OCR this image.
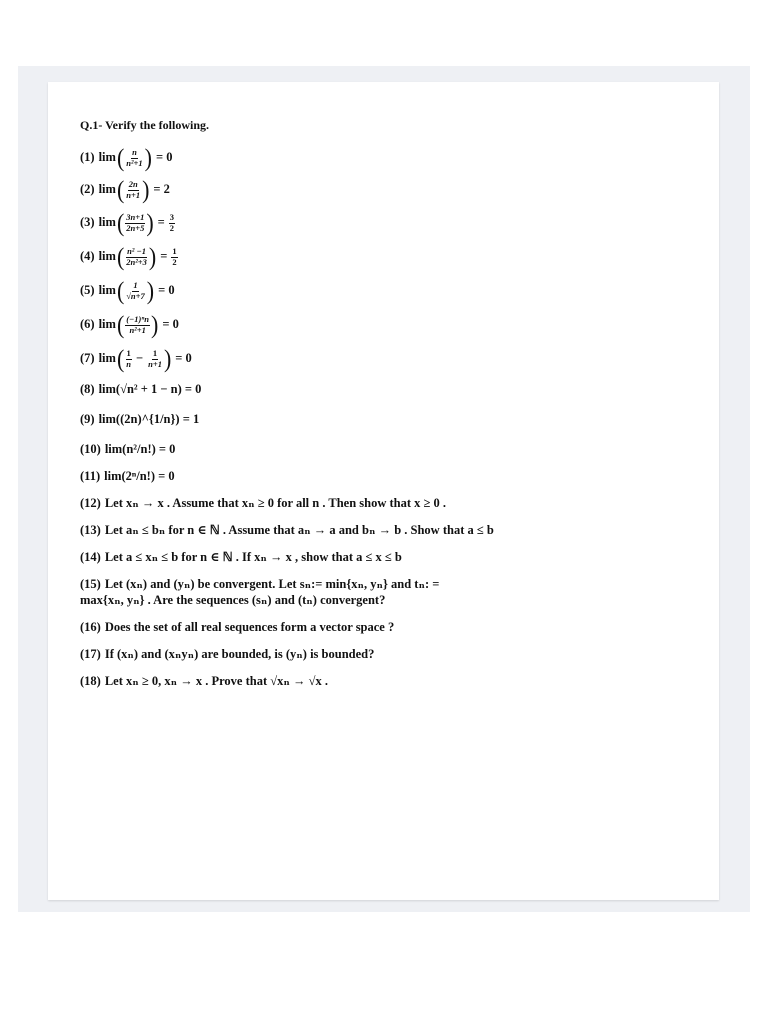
Q.1- Verify the following.
(1) lim ( $\frac{n}{\text{n²+1}}$ ) = 0
(2) lim ( $\frac{2n}{n+1}$ ) = 2
(3) lim ( $\frac{3n+1}{2n+5}$ ) = $\frac{3}{2}$
(4) lim ( $\frac{\text{n² −1}}{\text{2n²+3}}$ ) = $\frac{1}{2}$
(5) lim ( $\frac{1}{√n+7}$ ) = 0
(6) lim ( $\frac{\text{(−1)ⁿn}}{\text{n²+1}}$ ) = 0
(7) lim ( $\frac{1}{n} - \frac{1}{n+1}$ ) = 0
(8) lim(√n² + 1 − n) = 0
(9) lim((2n)^{1/n}) = 1
(10) lim(n²/n!) = 0
(11) lim(2ⁿ/n!) = 0
(12) Let xₙ → x . Assume that xₙ ≥ 0 for all n . Then show that x ≥ 0 .
(13) Let aₙ ≤ bₙ for n ∈ ℕ . Assume that aₙ → a and bₙ → b . Show that a ≤ b
(14) Let a ≤ xₙ ≤ b for n ∈ ℕ . If xₙ → x , show that a ≤ x ≤ b
(15) Let (xₙ) and (yₙ) be convergent. Let sₙ:= min{xₙ, yₙ} and tₙ: =
max{xₙ, yₙ} . Are the sequences (sₙ) and (tₙ) convergent?
(16) Does the set of all real sequences form a vector space ?
(17) If (xₙ) and (xₙyₙ) are bounded, is (yₙ) is bounded?
(18) Let xₙ ≥ 0, xₙ → x . Prove that √xₙ → √x .
